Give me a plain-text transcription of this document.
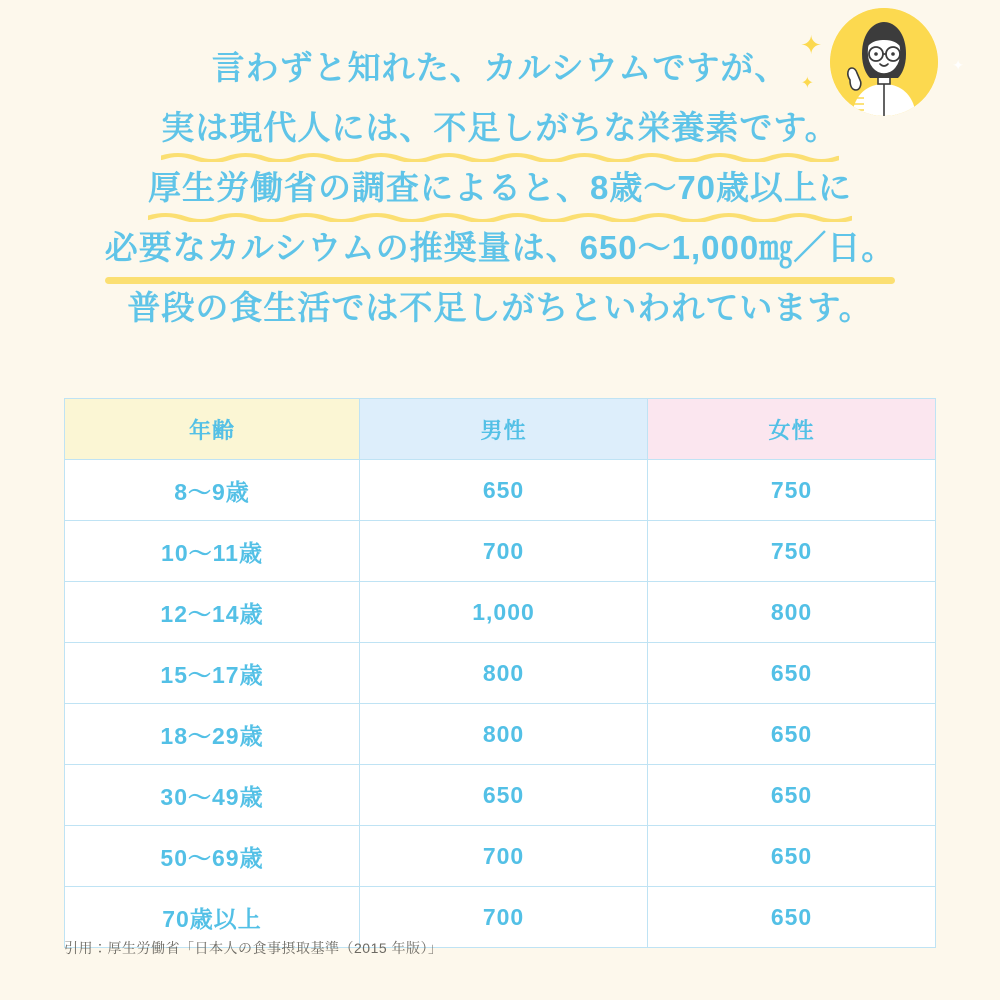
言わずと知れた、カルシウムですが、
実は現代人には、不足しがちな栄養素です。
厚生労働省の調査によると、8歳〜70歳以上に
必要なカルシウムの推奨量は、650〜1,000㎎／日。
普段の食生活では不足しがちといわれています。
✦
✦
✦
年齢	男性	女性
8〜9歳	650	750
10〜11歳	700	750
12〜14歳	1,000	800
15〜17歳	800	650
18〜29歳	800	650
30〜49歳	650	650
50〜69歳	700	650
70歳以上	700	650
引用：厚生労働省「日本人の食事摂取基準（2015 年版）」
